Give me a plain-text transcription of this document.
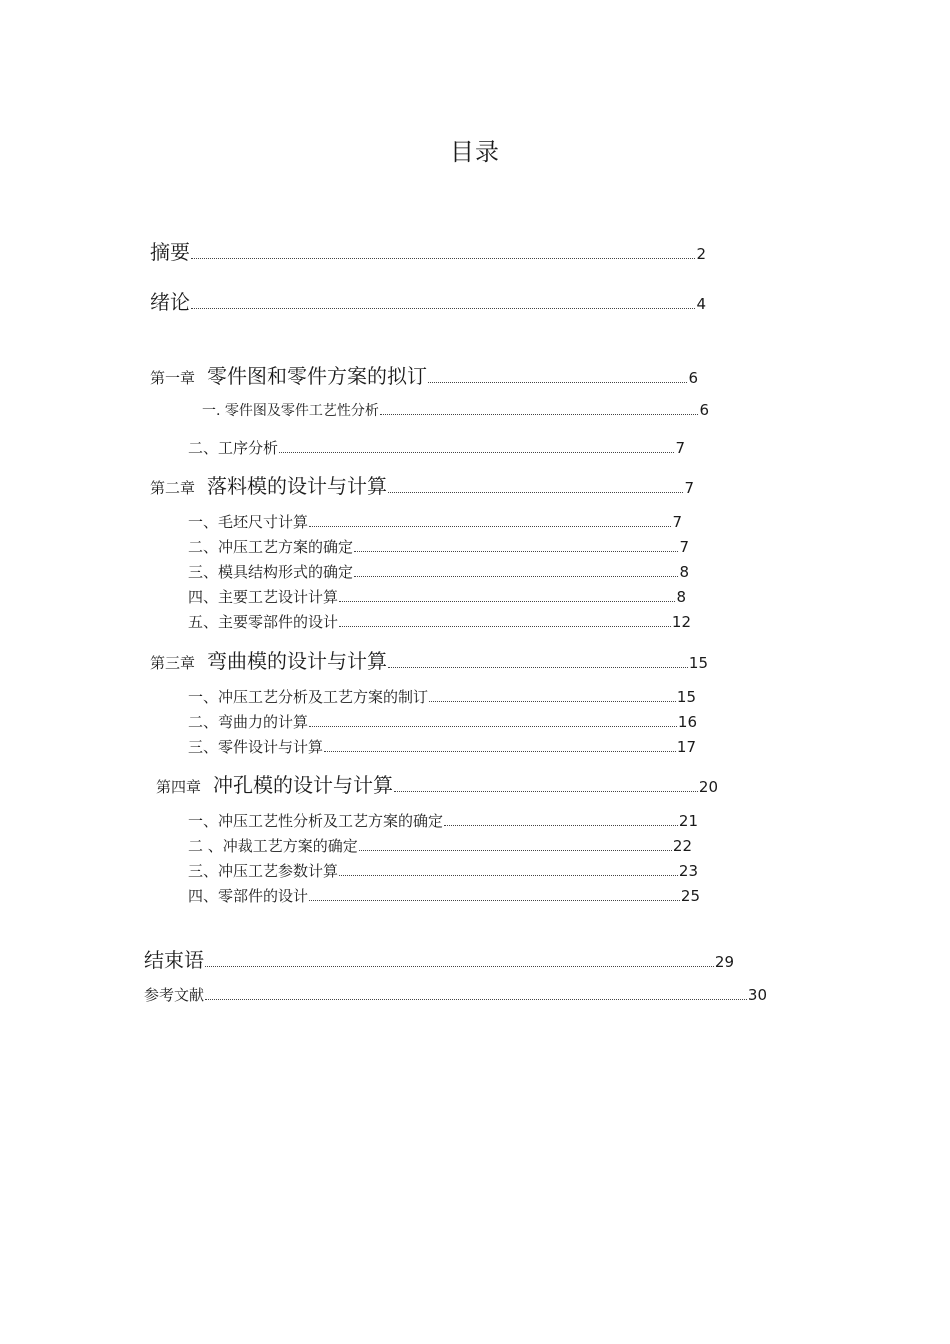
目录
摘要	2
绪论	4
第一章 零件图和零件方案的拟订	6
一. 零件图及零件工艺性分析	6
二、工序分析	7
第二章 落料模的设计与计算	7
一、毛坯尺寸计算	7
二、冲压工艺方案的确定	7
三、模具结构形式的确定	8
四、主要工艺设计计算	8
五、主要零部件的设计	12
第三章 弯曲模的设计与计算	15
一、冲压工艺分析及工艺方案的制订	15
二、弯曲力的计算	16
三、零件设计与计算	17
第四章 冲孔模的设计与计算	20
一、冲压工艺性分析及工艺方案的确定	21
二 、冲裁工艺方案的确定	22
三、冲压工艺参数计算	23
四、零部件的设计	25
结束语	29
参考文献	30
